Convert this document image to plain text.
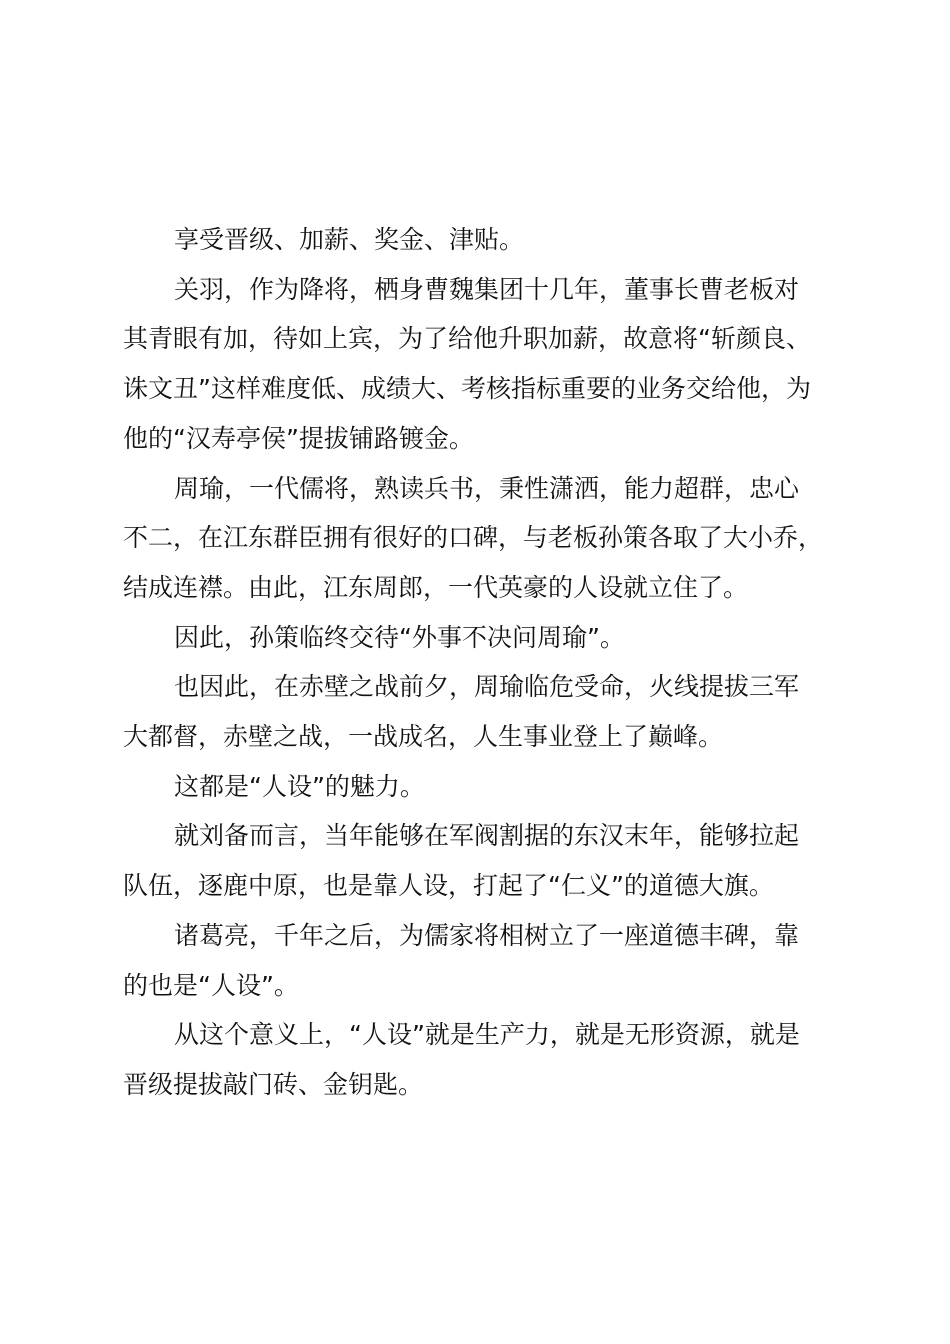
享受晋级、加薪、奖金、津贴。
关羽，作为降将，栖身曹魏集团十几年，董事长曹老板对
其青眼有加，待如上宾，为了给他升职加薪，故意将“斩颜良、
诛文丑”这样难度低、成绩大、考核指标重要的业务交给他，为
他的“汉寿亭侯”提拔铺路镀金。
周瑜，一代儒将，熟读兵书，秉性潇洒，能力超群，忠心
不二，在江东群臣拥有很好的口碑，与老板孙策各取了大小乔，
结成连襟。由此，江东周郎，一代英豪的人设就立住了。
因此，孙策临终交待“外事不决问周瑜”。
也因此，在赤壁之战前夕，周瑜临危受命，火线提拔三军
大都督，赤壁之战，一战成名，人生事业登上了巅峰。
这都是“人设”的魅力。
就刘备而言，当年能够在军阀割据的东汉末年，能够拉起
队伍，逐鹿中原，也是靠人设，打起了“仁义”的道德大旗。
诸葛亮，千年之后，为儒家将相树立了一座道德丰碑，靠
的也是“人设”。
从这个意义上，“人设”就是生产力，就是无形资源，就是
晋级提拔敲门砖、金钥匙。
